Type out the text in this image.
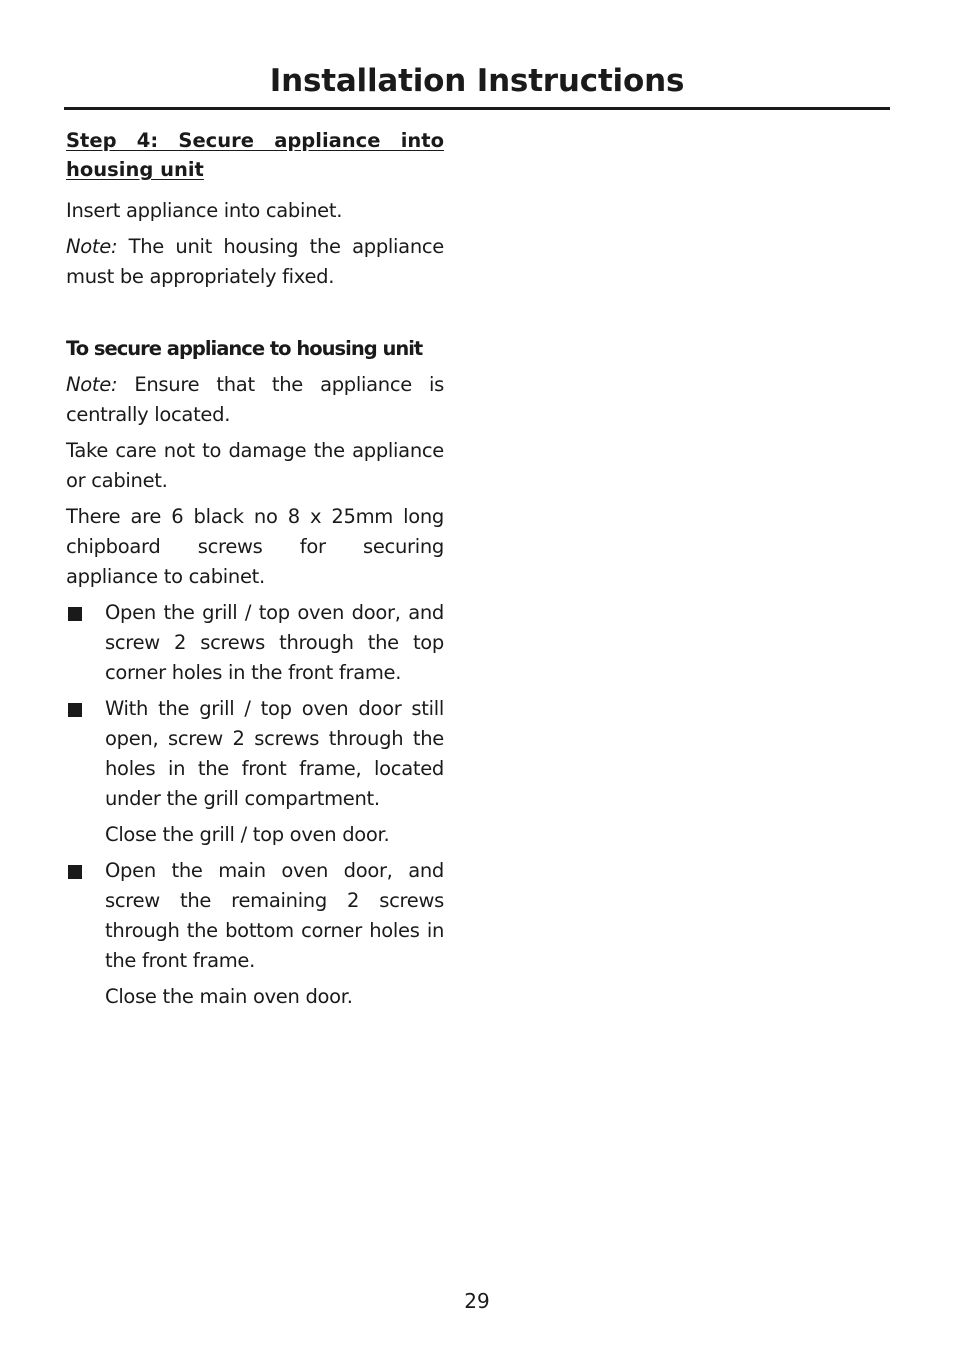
Installation Instructions

Step 4: Secure appliance into housing unit

Insert appliance into cabinet.

Note: The unit housing the appliance must be appropriately fixed.

To secure appliance to housing unit

Note: Ensure that the appliance is centrally located.

Take care not to damage the appliance or cabinet.

There are 6 black no 8 x 25mm long chipboard screws for securing appliance to cabinet.

Open the grill / top oven door, and screw 2 screws through the top corner holes in the front frame.
With the grill / top oven door still open, screw 2 screws through the holes in the front frame, located under the grill compartment.

Close the grill / top oven door.

Open the main oven door, and screw the remaining 2 screws through the bottom corner holes in the front frame.

Close the main oven door.

29
